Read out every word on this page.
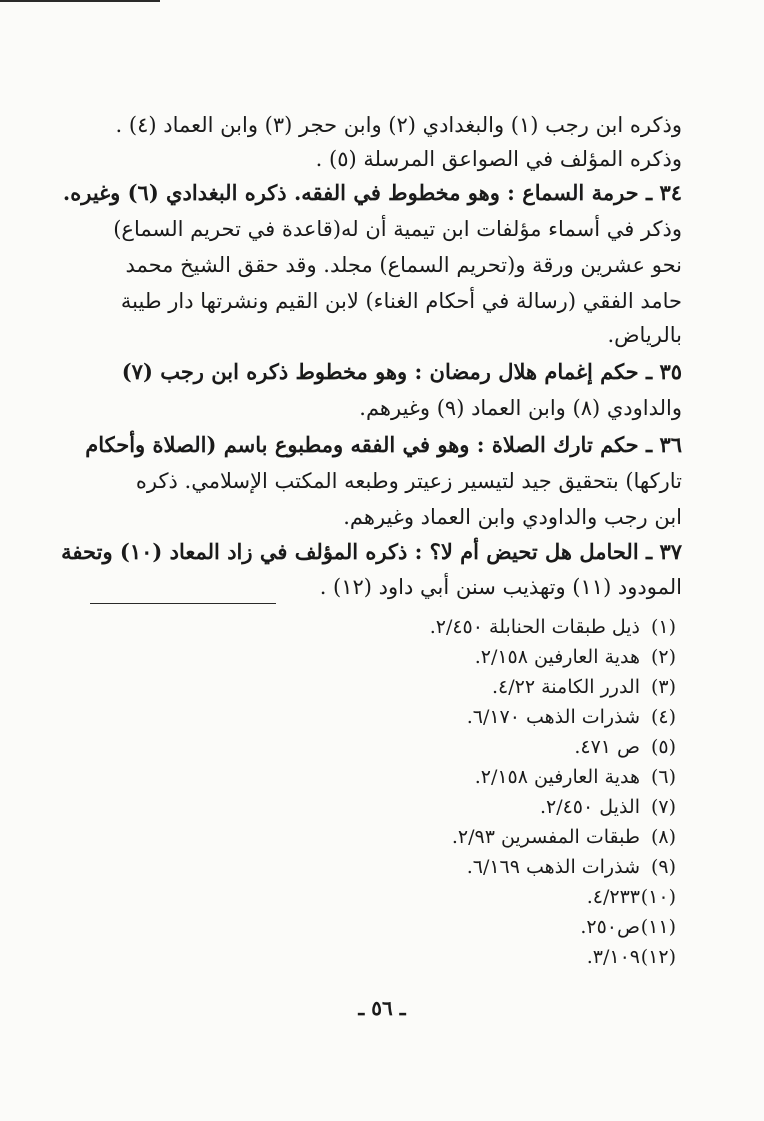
وذكره ابن رجب (١) والبغدادي (٢) وابن حجر (٣) وابن العماد (٤) .
وذكره المؤلف في الصواعق المرسلة (٥) .
٣٤ ـ حرمة السماع : وهو مخطوط في الفقه. ذكره البغدادي (٦) وغيره.
وذكر في أسماء مؤلفات ابن تيمية أن له(قاعدة في تحريم السماع)
نحو عشرين ورقة و(تحريم السماع) مجلد. وقد حقق الشيخ محمد
حامد الفقي (رسالة في أحكام الغناء) لابن القيم ونشرتها دار طيبة
بالرياض.
٣٥ ـ حكم إغمام هلال رمضان : وهو مخطوط ذكره ابن رجب (٧)
والداودي (٨) وابن العماد (٩) وغيرهم.
٣٦ ـ حكم تارك الصلاة : وهو في الفقه ومطبوع باسم (الصلاة وأحكام
تاركها) بتحقيق جيد لتيسير زعيتر وطبعه المكتب الإسلامي. ذكره
ابن رجب والداودي وابن العماد وغيرهم.
٣٧ ـ الحامل هل تحيض أم لا؟ : ذكره المؤلف في زاد المعاد (١٠) وتحفة
المودود (١١) وتهذيب سنن أبي داود (١٢) .
(١)ذيل طبقات الحنابلة ٢/٤٥٠.
(٢)هدية العارفين ٢/١٥٨.
(٣)الدرر الكامنة ٤/٢٢.
(٤)شذرات الذهب ٦/١٧٠.
(٥)ص ٤٧١.
(٦)هدية العارفين ٢/١٥٨.
(٧)الذيل ٢/٤٥٠.
(٨)طبقات المفسرين ٢/٩٣.
(٩)شذرات الذهب ٦/١٦٩.
(١٠)٤/٢٣٣.
(١١)ص٢٥٠.
(١٢)٣/١٠٩.
ـ ٥٦ ـ
